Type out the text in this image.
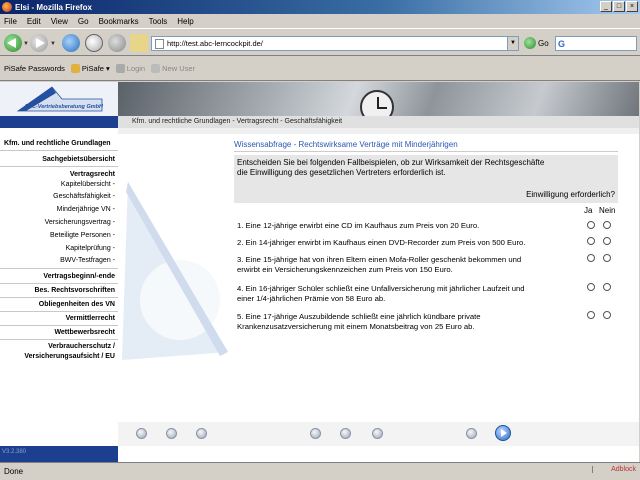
Elsi - Mozilla Firefox	_	□	×
File Edit View Go Bookmarks Tools Help
▼	▼	http://test.abc-lerncockpit.de/	▼	Go G
PiSafe Passwords PiSafe ▾ Login New User
ABC-Vertriebsberatung GmbH
Kfm. und rechtliche Grundlagen - Vertragsrecht - Geschäftsfähigkeit
Kfm. und rechtliche Grundlagen
Sachgebietsübersicht
Vertragsrecht
Kapitelübersicht -
Geschäftsfähigkeit -
Minderjährige VN -
Versicherungsvertrag -
Beteiligte Personen -
Kapitelprüfung -
BWV-Testfragen -
Vertragsbeginn/-ende
Bes. Rechtsvorschriften
Obliegenheiten des VN
Vermittlerrecht
Wettbewerbsrecht
Verbraucherschutz /
Versicherungsaufsicht / EU
Wissensabfrage - Rechtswirksame Verträge mit Minderjährigen
Entscheiden Sie bei folgenden Fallbeispielen, ob zur Wirksamkeit der Rechtsgeschäfte
die Einwilligung des gesetzlichen Vertreters erforderlich ist.
Einwilligung erforderlich?
Ja Nein
1. Eine 12-jährige erwirbt eine CD im Kaufhaus zum Preis von 20 Euro.
2. Ein 14-jähriger erwirbt im Kaufhaus einen DVD-Recorder zum Preis von 500 Euro.
3. Eine 15-jährige hat von ihren Eltern einen Mofa-Roller geschenkt bekommen und
erwirbt ein Versicherungskennzeichen zum Preis von 150 Euro.
4. Ein 16-jähriger Schüler schließt eine Unfallversicherung mit jährlicher Laufzeit und
einer 1/4-jährlichen Prämie von 58 Euro ab.
5. Eine 17-jährige Auszubildende schließt eine jährlich kündbare private
Krankenzusatzversicherung mit einem Monatsbeitrag von 25 Euro ab.
V3.2.380
Done	Adblock
